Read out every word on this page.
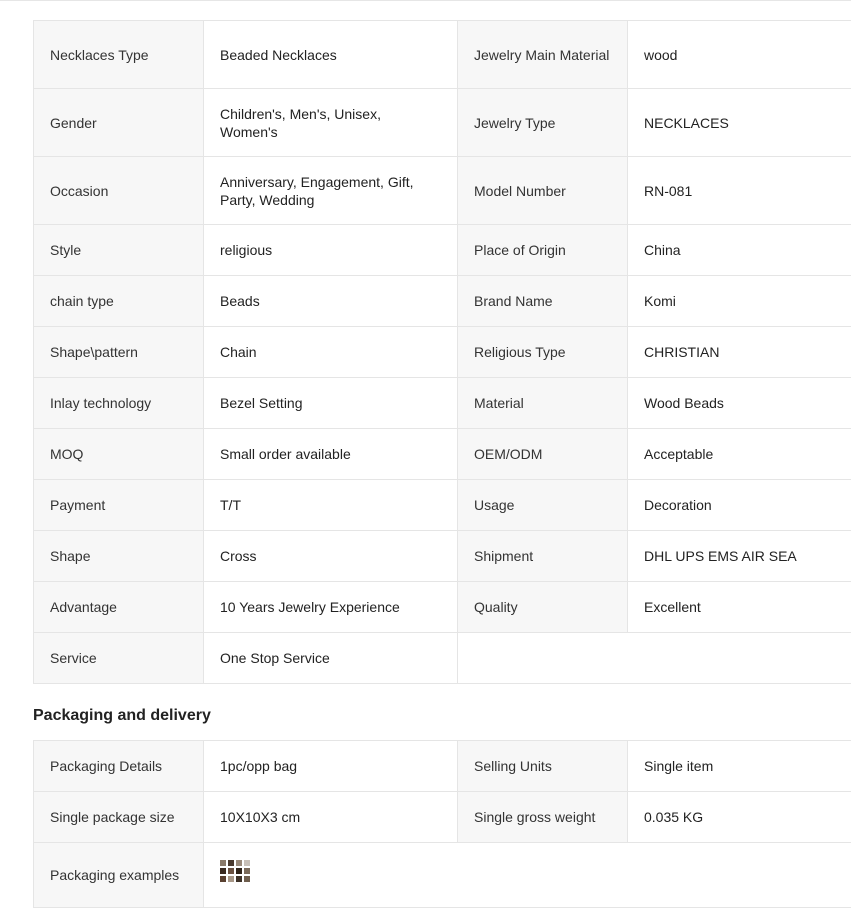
Necklaces Type	Beaded Necklaces	Jewelry Main Material	wood
Gender	Children's, Men's, Unisex, Women's	Jewelry Type	NECKLACES
Occasion	Anniversary, Engagement, Gift, Party, Wedding	Model Number	RN-081
Style	religious	Place of Origin	China
chain type	Beads	Brand Name	Komi
Shape\pattern	Chain	Religious Type	CHRISTIAN
Inlay technology	Bezel Setting	Material	Wood Beads
MOQ	Small order available	OEM/ODM	Acceptable
Payment	T/T	Usage	Decoration
Shape	Cross	Shipment	DHL UPS EMS AIR SEA
Advantage	10 Years Jewelry Experience	Quality	Excellent
Service	One Stop Service		
Packaging and delivery
Packaging Details	1pc/opp bag	Selling Units	Single item
Single package size	10X10X3 cm	Single gross weight	0.035 KG
Packaging examples			
